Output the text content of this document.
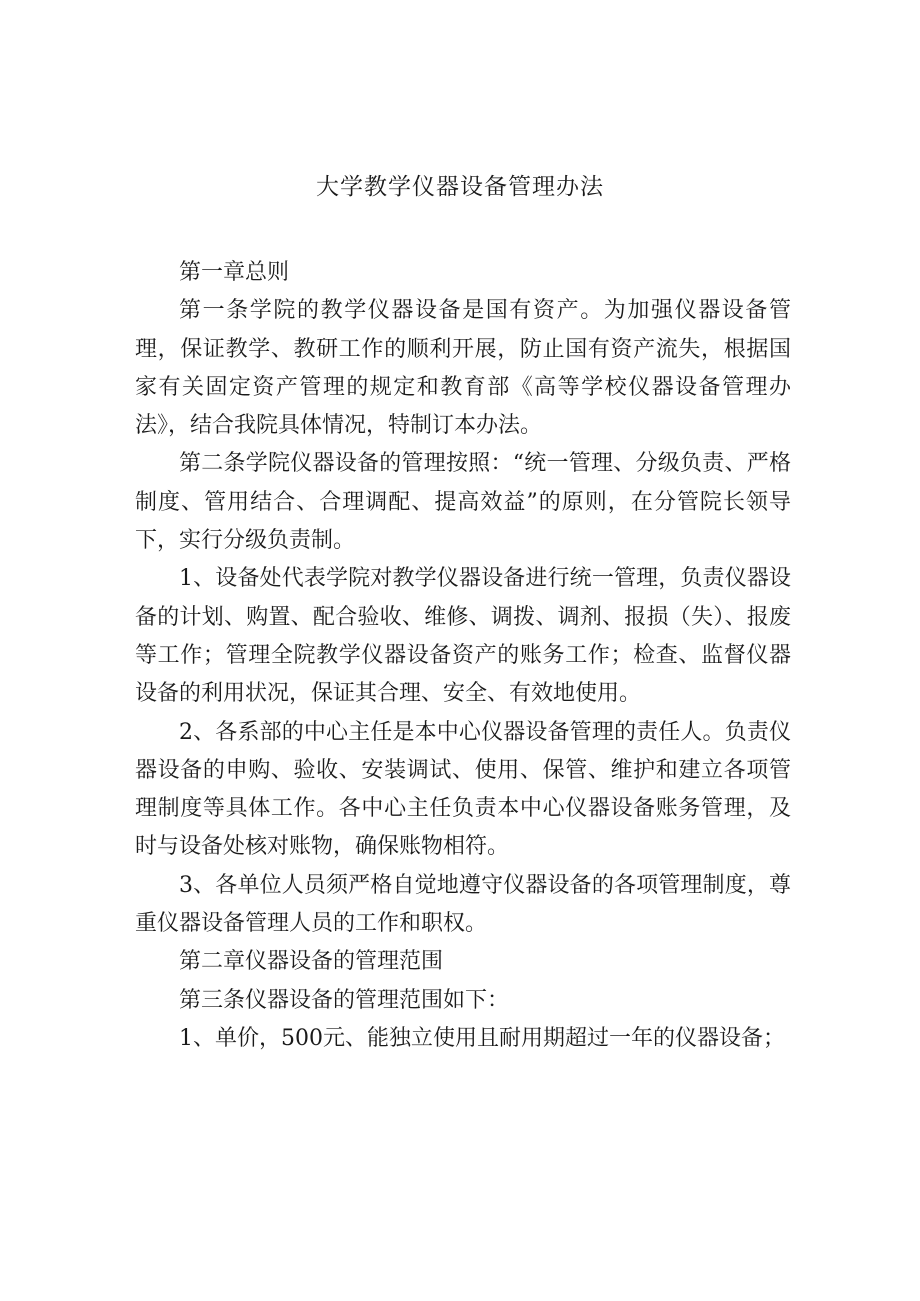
大学教学仪器设备管理办法

第一章总则

第一条学院的教学仪器设备是国有资产。为加强仪器设备管理，保证教学、教研工作的顺利开展，防止国有资产流失，根据国家有关固定资产管理的规定和教育部《高等学校仪器设备管理办法》，结合我院具体情况，特制订本办法。

第二条学院仪器设备的管理按照：“统一管理、分级负责、严格制度、管用结合、合理调配、提高效益”的原则，在分管院长领导下，实行分级负责制。

1、设备处代表学院对教学仪器设备进行统一管理，负责仪器设备的计划、购置、配合验收、维修、调拨、调剂、报损（失）、报废等工作；管理全院教学仪器设备资产的账务工作；检查、监督仪器设备的利用状况，保证其合理、安全、有效地使用。

2、各系部的中心主任是本中心仪器设备管理的责任人。负责仪器设备的申购、验收、安装调试、使用、保管、维护和建立各项管理制度等具体工作。各中心主任负责本中心仪器设备账务管理，及时与设备处核对账物，确保账物相符。

3、各单位人员须严格自觉地遵守仪器设备的各项管理制度，尊重仪器设备管理人员的工作和职权。

第二章仪器设备的管理范围

第三条仪器设备的管理范围如下：

1、单价，500元、能独立使用且耐用期超过一年的仪器设备；
